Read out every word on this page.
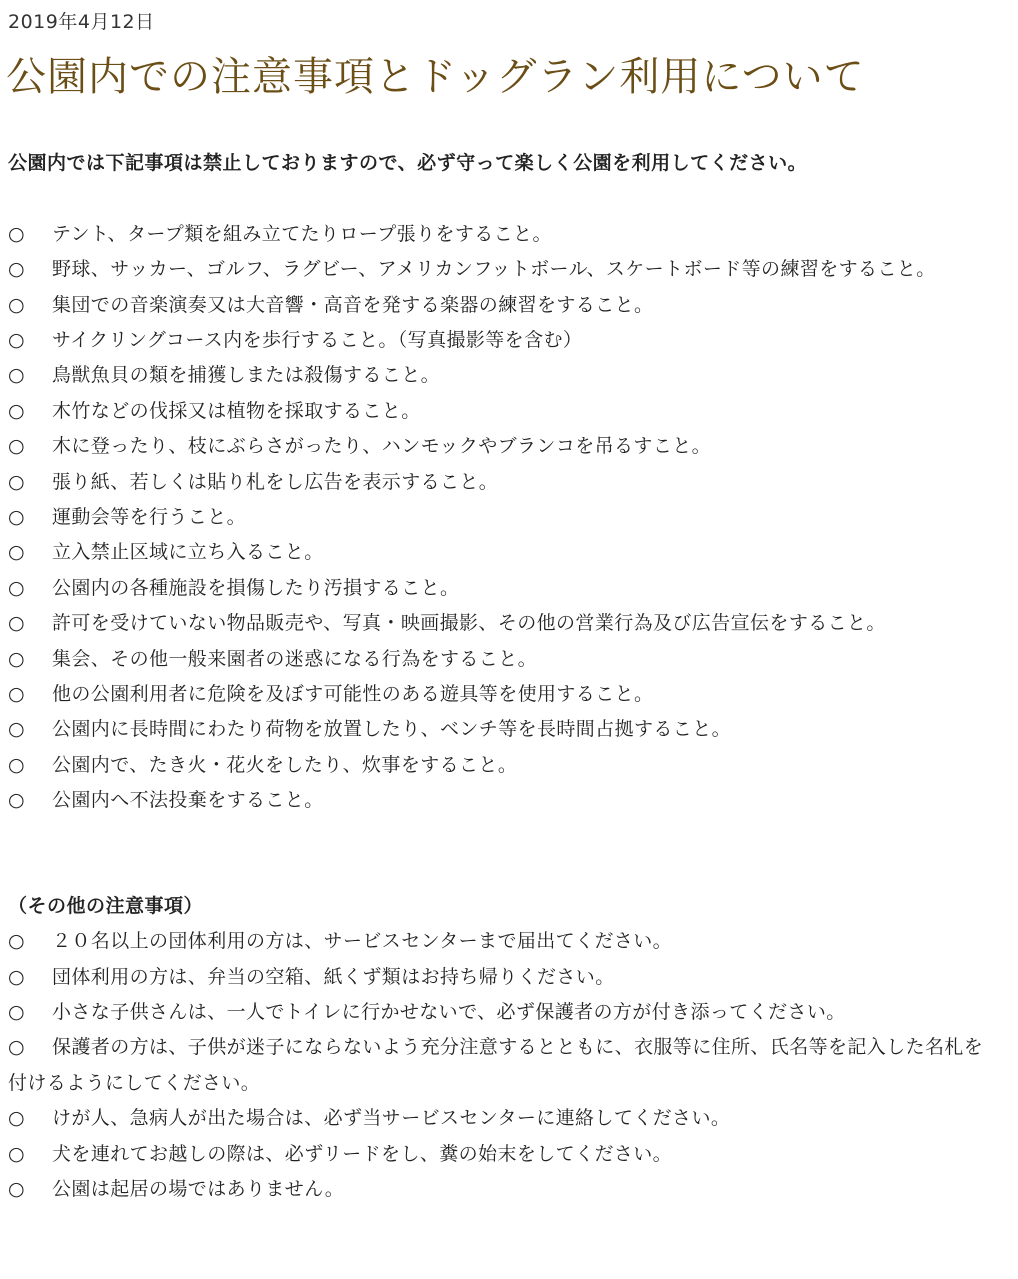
2019年4月12日
公園内での注意事項とドッグラン利用について

公園内では下記事項は禁止しておりますので、必ず守って楽しく公園を利用してください。

○ テント、タープ類を組み立てたりロープ張りをすること。
○ 野球、サッカー、ゴルフ、ラグビー、アメリカンフットボール、スケートボード等の練習をすること。
○ 集団での音楽演奏又は大音響・高音を発する楽器の練習をすること。
○ サイクリングコース内を歩行すること。（写真撮影等を含む）
○ 鳥獣魚貝の類を捕獲しまたは殺傷すること。
○ 木竹などの伐採又は植物を採取すること。
○ 木に登ったり、枝にぶらさがったり、ハンモックやブランコを吊るすこと。
○ 張り紙、若しくは貼り札をし広告を表示すること。
○ 運動会等を行うこと。
○ 立入禁止区域に立ち入ること。
○ 公園内の各種施設を損傷したり汚損すること。
○ 許可を受けていない物品販売や、写真・映画撮影、その他の営業行為及び広告宣伝をすること。
○ 集会、その他一般来園者の迷惑になる行為をすること。
○ 他の公園利用者に危険を及ぼす可能性のある遊具等を使用すること。
○ 公園内に長時間にわたり荷物を放置したり、ベンチ等を長時間占拠すること。
○ 公園内で、たき火・花火をしたり、炊事をすること。
○ 公園内へ不法投棄をすること。

（その他の注意事項）

○ ２０名以上の団体利用の方は、サービスセンターまで届出てください。
○ 団体利用の方は、弁当の空箱、紙くず類はお持ち帰りください。
○ 小さな子供さんは、一人でトイレに行かせないで、必ず保護者の方が付き添ってください。
○ 保護者の方は、子供が迷子にならないよう充分注意するとともに、衣服等に住所、氏名等を記入した名札を付けるようにしてください。
○ けが人、急病人が出た場合は、必ず当サービスセンターに連絡してください。
○ 犬を連れてお越しの際は、必ずリードをし、糞の始末をしてください。
○ 公園は起居の場ではありません。
